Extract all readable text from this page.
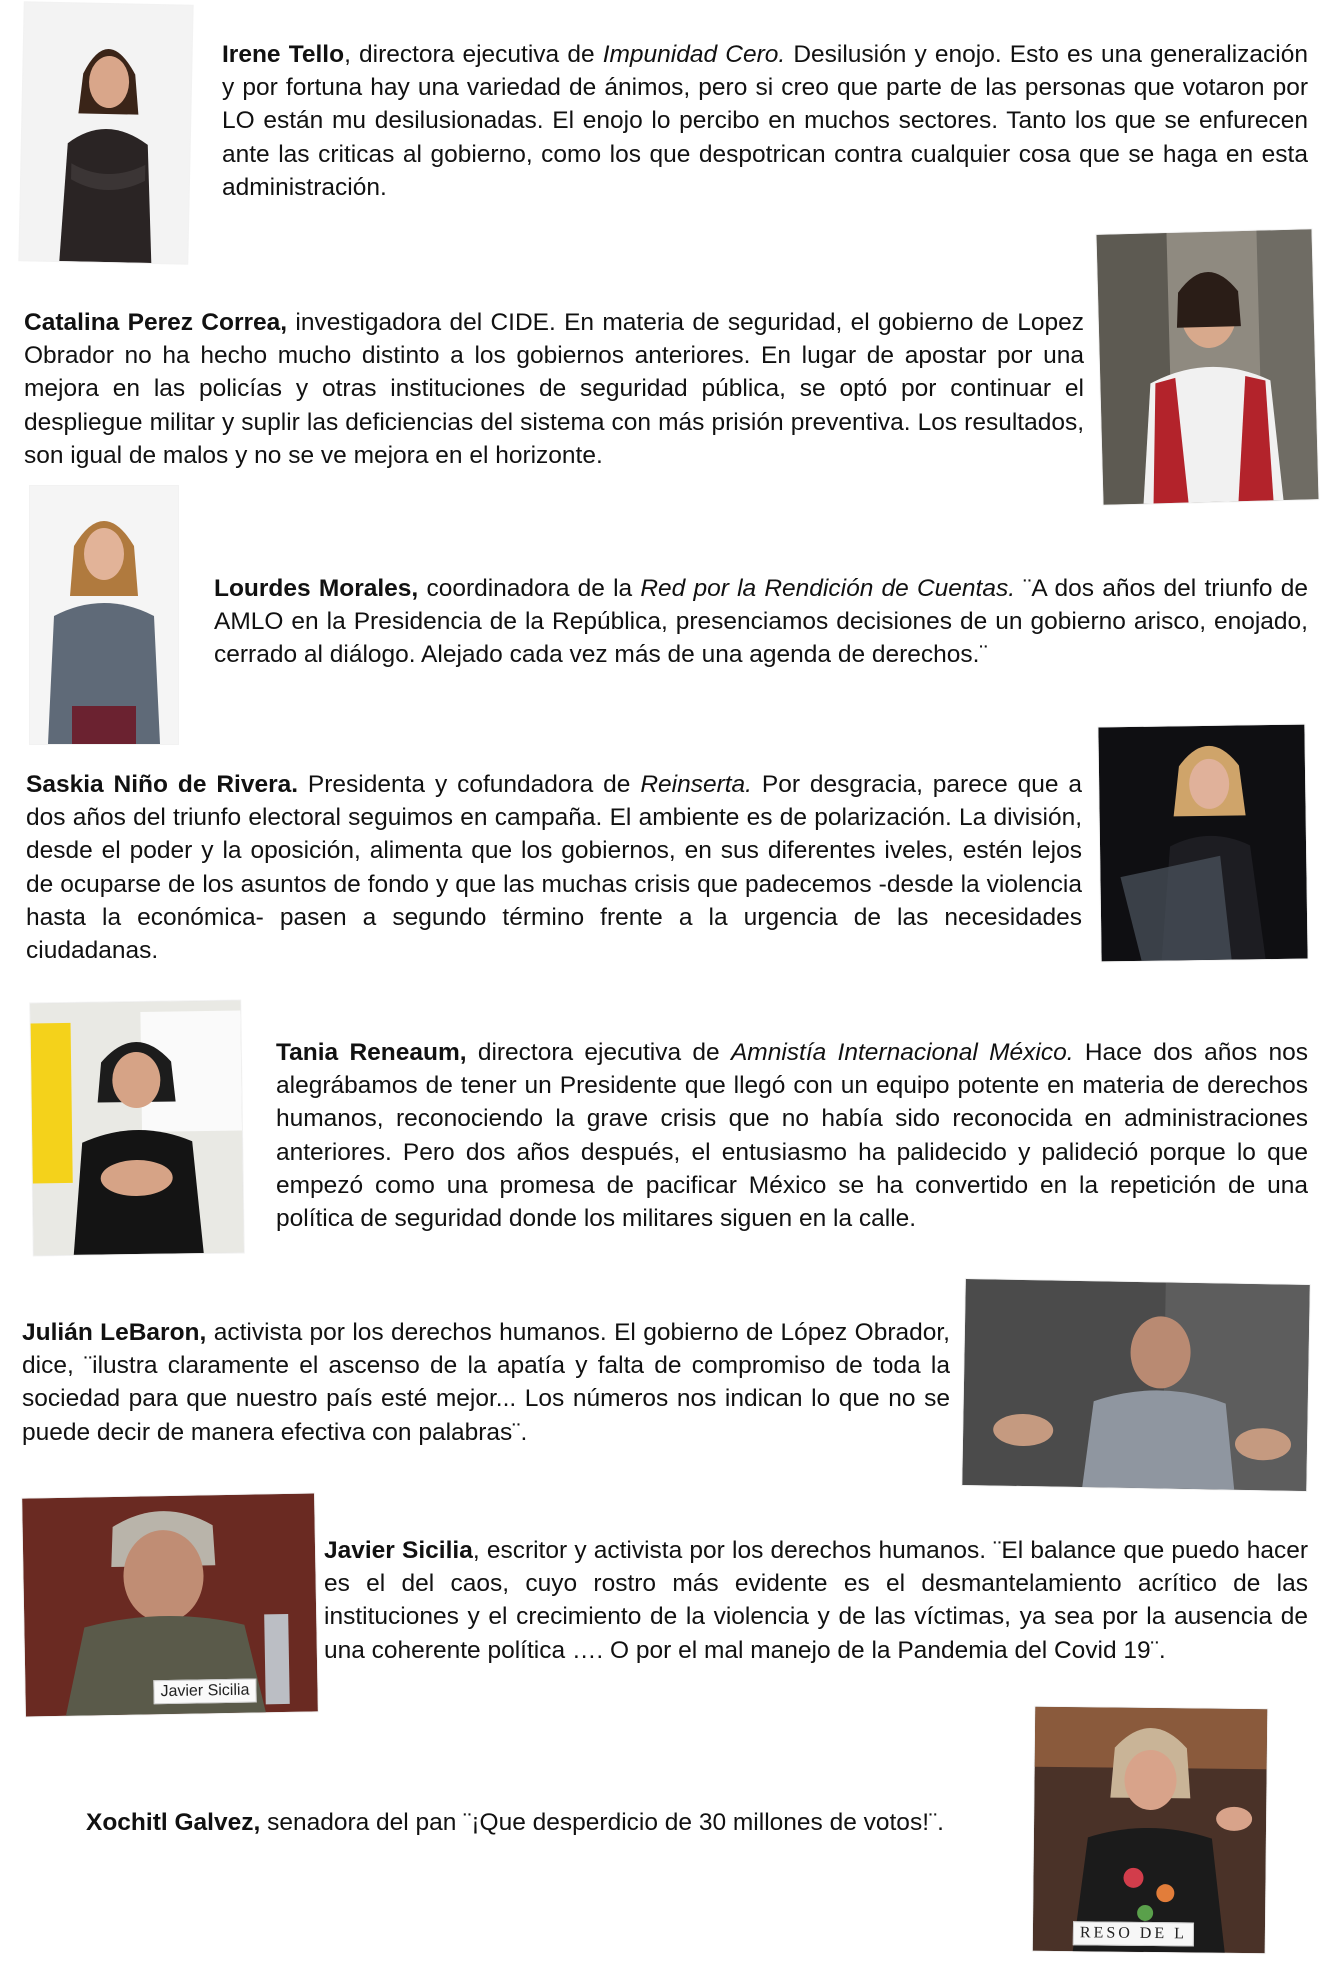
Irene Tello, directora ejecutiva de Impunidad Cero. Desilusión y enojo. Esto es una generalización y por fortuna hay una variedad de ánimos, pero si creo que parte de las personas que votaron por LO están mu desilusionadas. El enojo lo percibo en muchos sectores. Tanto los que se enfurecen ante las criticas al gobierno, como los que despotrican contra cualquier cosa que se haga en esta administración.
Catalina Perez Correa, investigadora del CIDE. En materia de seguridad, el gobierno de Lopez Obrador no ha hecho mucho distinto a los gobiernos anteriores. En lugar de apostar por una mejora en las policías y otras instituciones de seguridad pública, se optó por continuar el despliegue militar y suplir las deficiencias del sistema con más prisión preventiva. Los resultados, son igual de malos y no se ve mejora en el horizonte.
Lourdes Morales, coordinadora de la Red por la Rendición de Cuentas. ¨A dos años del triunfo de AMLO en la Presidencia de la República, presenciamos decisiones de un gobierno arisco, enojado, cerrado al diálogo. Alejado cada vez más de una agenda de derechos.¨
Saskia Niño de Rivera. Presidenta y cofundadora de Reinserta. Por desgracia, parece que a dos años del triunfo electoral seguimos en campaña. El ambiente es de polarización. La división, desde el poder y la oposición, alimenta que los gobiernos, en sus diferentes iveles, estén lejos de ocuparse de los asuntos de fondo y que las muchas crisis que padecemos -desde la violencia hasta la económica- pasen a segundo término frente a la urgencia de las necesidades ciudadanas.
Tania Reneaum, directora ejecutiva de Amnistía Internacional México. Hace dos años nos alegrábamos de tener un Presidente que llegó con un equipo potente en materia de derechos humanos, reconociendo la grave crisis que no había sido reconocida en administraciones anteriores. Pero dos años después, el entusiasmo ha palidecido y palideció porque lo que empezó como una promesa de pacificar México se ha convertido en la repetición de una política de seguridad donde los militares siguen en la calle.
Julián LeBaron, activista por los derechos humanos. El gobierno de López Obrador, dice, ¨ilustra claramente el ascenso de la apatía y falta de compromiso de toda la sociedad para que nuestro país esté mejor... Los números nos indican lo que no se puede decir de manera efectiva con palabras¨.
Javier Sicilia
Javier Sicilia, escritor y activista por los derechos humanos. ¨El balance que puedo hacer es el del caos, cuyo rostro más evidente es el desmantelamiento acrítico de las instituciones y el crecimiento de la violencia y de las víctimas, ya sea por la ausencia de una coherente política …. O por el mal manejo de la Pandemia del Covid 19¨.
Xochitl Galvez, senadora del pan ¨¡Que desperdicio de 30 millones de votos!¨.
RESO DE L
